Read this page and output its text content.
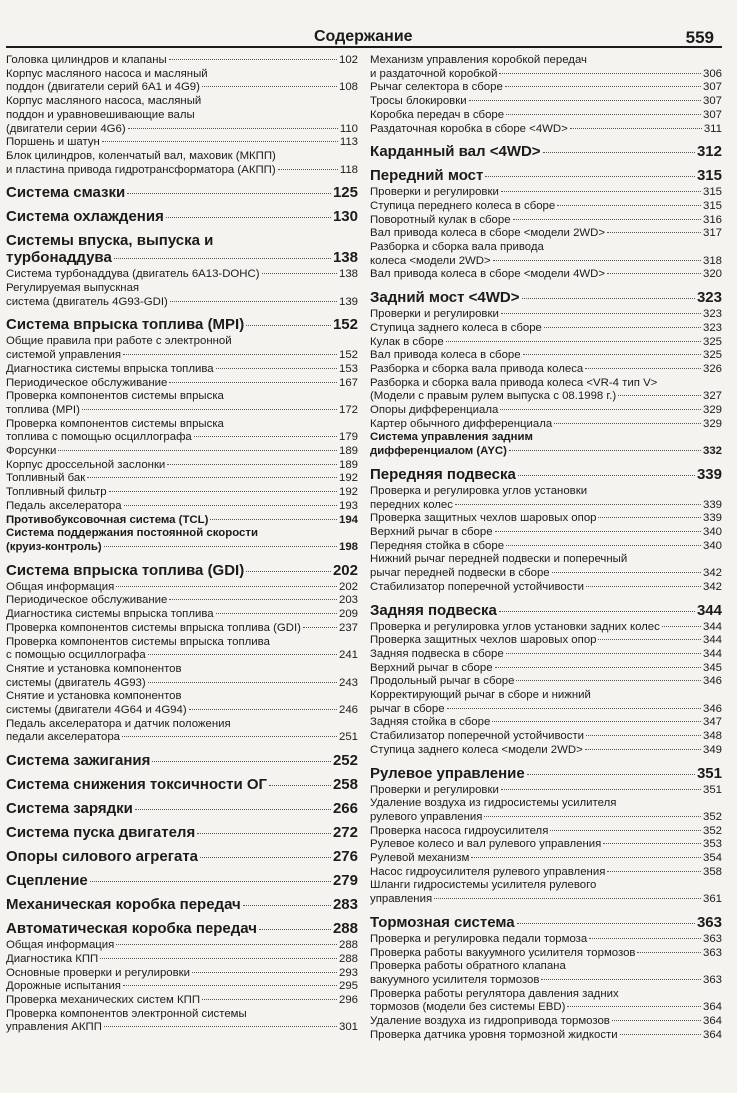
Содержание	559
Головка цилиндров и клапаны	102
Корпус масляного насоса и масляный
поддон (двигатели серий 6A1 и 4G9)	108
Корпус масляного насоса, масляный
поддон и уравновешивающие валы
(двигатели серии 4G6)	110
Поршень и шатун	113
Блок цилиндров, коленчатый вал, маховик (МКПП)
и пластина привода гидротрансформатора (АКПП)	118
Система смазки	125
Система охлаждения	130
Системы впуска, выпуска и
турбонаддува	138
Система турбонаддува (двигатель 6A13-DOHC)	138
Регулируемая выпускная
система (двигатель 4G93-GDI)	139
Система впрыска топлива (MPI)	152
Общие правила при работе с электронной
системой управления	152
Диагностика системы впрыска топлива	153
Периодическое обслуживание	167
Проверка компонентов системы впрыска
топлива (MPI)	172
Проверка компонентов системы впрыска
топлива с помощью осциллографа	179
Форсунки	189
Корпус дроссельной заслонки	189
Топливный бак	192
Топливный фильтр	192
Педаль акселератора	193
Противобуксовочная система (TCL)	194
Система поддержания постоянной скорости
(круиз-контроль)	198
Система впрыска топлива (GDI)	202
Общая информация	202
Периодическое обслуживание	203
Диагностика системы впрыска топлива	209
Проверка компонентов системы впрыска топлива (GDI)	237
Проверка компонентов системы впрыска топлива
с помощью осциллографа	241
Снятие и установка компонентов
системы (двигатель 4G93)	243
Снятие и установка компонентов
системы (двигатели 4G64 и 4G94)	246
Педаль акселератора и датчик положения
педали акселератора	251
Система зажигания	252
Система снижения токсичности ОГ	258
Система зарядки	266
Система пуска двигателя	272
Опоры силового агрегата	276
Сцепление	279
Механическая коробка передач	283
Автоматическая коробка передач	288
Общая информация	288
Диагностика КПП	288
Основные проверки и регулировки	293
Дорожные испытания	295
Проверка механических систем КПП	296
Проверка компонентов электронной системы
управления АКПП	301
Механизм управления коробкой передач
и раздаточной коробкой	306
Рычаг селектора в сборе	307
Тросы блокировки	307
Коробка передач в сборе	307
Раздаточная коробка в сборе <4WD>	311
Карданный вал <4WD>	312
Передний мост	315
Проверки и регулировки	315
Ступица переднего колеса в сборе	315
Поворотный кулак в сборе	316
Вал привода колеса в сборе <модели 2WD>	317
Разборка и сборка вала привода
колеса <модели 2WD>	318
Вал привода колеса в сборе <модели 4WD>	320
Задний мост <4WD>	323
Проверки и регулировки	323
Ступица заднего колеса в сборе	323
Кулак в сборе	325
Вал привода колеса в сборе	325
Разборка и сборка вала привода колеса	326
Разборка и сборка вала привода колеса <VR-4 тип V>
(Модели с правым рулем выпуска с 08.1998 г.)	327
Опоры дифференциала	329
Картер обычного дифференциала	329
Система управления задним
дифференциалом (AYC)	332
Передняя подвеска	339
Проверка и регулировка углов установки
передних колес	339
Проверка защитных чехлов шаровых опор	339
Верхний рычаг в сборе	340
Передняя стойка в сборе	340
Нижний рычаг передней подвески и поперечный
рычаг передней подвески в сборе	342
Стабилизатор поперечной устойчивости	342
Задняя подвеска	344
Проверка и регулировка углов установки задних колес	344
Проверка защитных чехлов шаровых опор	344
Задняя подвеска в сборе	344
Верхний рычаг в сборе	345
Продольный рычаг в сборе	346
Корректирующий рычаг в сборе и нижний
рычаг в сборе	346
Задняя стойка в сборе	347
Стабилизатор поперечной устойчивости	348
Ступица заднего колеса <модели 2WD>	349
Рулевое управление	351
Проверки и регулировки	351
Удаление воздуха из гидросистемы усилителя
рулевого управления	352
Проверка насоса гидроусилителя	352
Рулевое колесо и вал рулевого управления	353
Рулевой механизм	354
Насос гидроусилителя рулевого управления	358
Шланги гидросистемы усилителя рулевого
управления	361
Тормозная система	363
Проверка и регулировка педали тормоза	363
Проверка работы вакуумного усилителя тормозов	363
Проверка работы обратного клапана
вакуумного усилителя тормозов	363
Проверка работы регулятора давления задних
тормозов (модели без системы EBD)	364
Удаление воздуха из гидропривода тормозов	364
Проверка датчика уровня тормозной жидкости	364
